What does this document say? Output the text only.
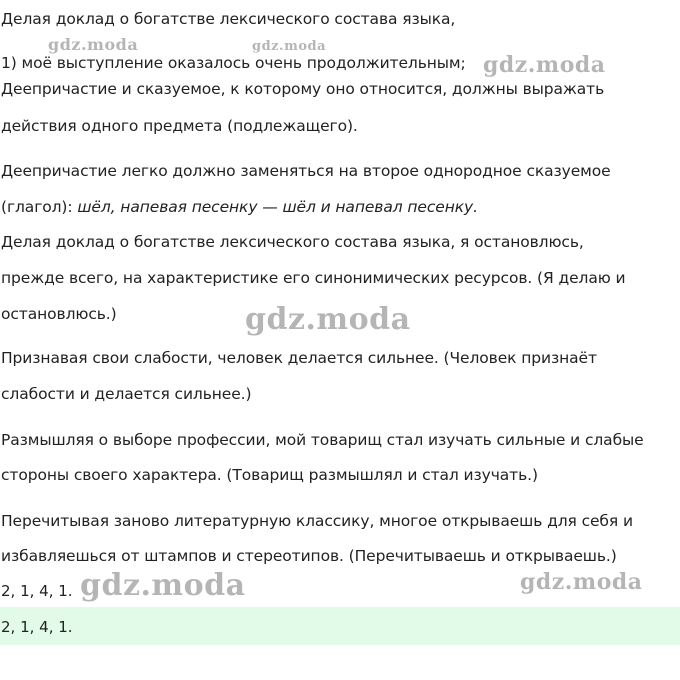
Делая доклад о богатстве лексического состава языка,
1) моё выступление оказалось очень продолжительным;
Деепричастие и сказуемое, к которому оно относится, должны выражать
действия одного предмета (подлежащего).
Деепричастие легко должно заменяться на второе однородное сказуемое
(глагол): шёл, напевая песенку — шёл и напевал песенку.
Делая доклад о богатстве лексического состава языка, я остановлюсь,
прежде всего, на характеристике его синонимических ресурсов. (Я делаю и
остановлюсь.)
Признавая свои слабости, человек делается сильнее. (Человек признаёт
слабости и делается сильнее.)
Размышляя о выборе профессии, мой товарищ стал изучать сильные и слабые
стороны своего характера. (Товарищ размышлял и стал изучать.)
Перечитывая заново литературную классику, многое открываешь для себя и
избавляешься от штампов и стереотипов. (Перечитываешь и открываешь.)
2, 1, 4, 1.
2, 1, 4, 1.
gdz.moda	gdz.moda
gdz.moda
gdz.moda
gdz.moda	gdz.moda
